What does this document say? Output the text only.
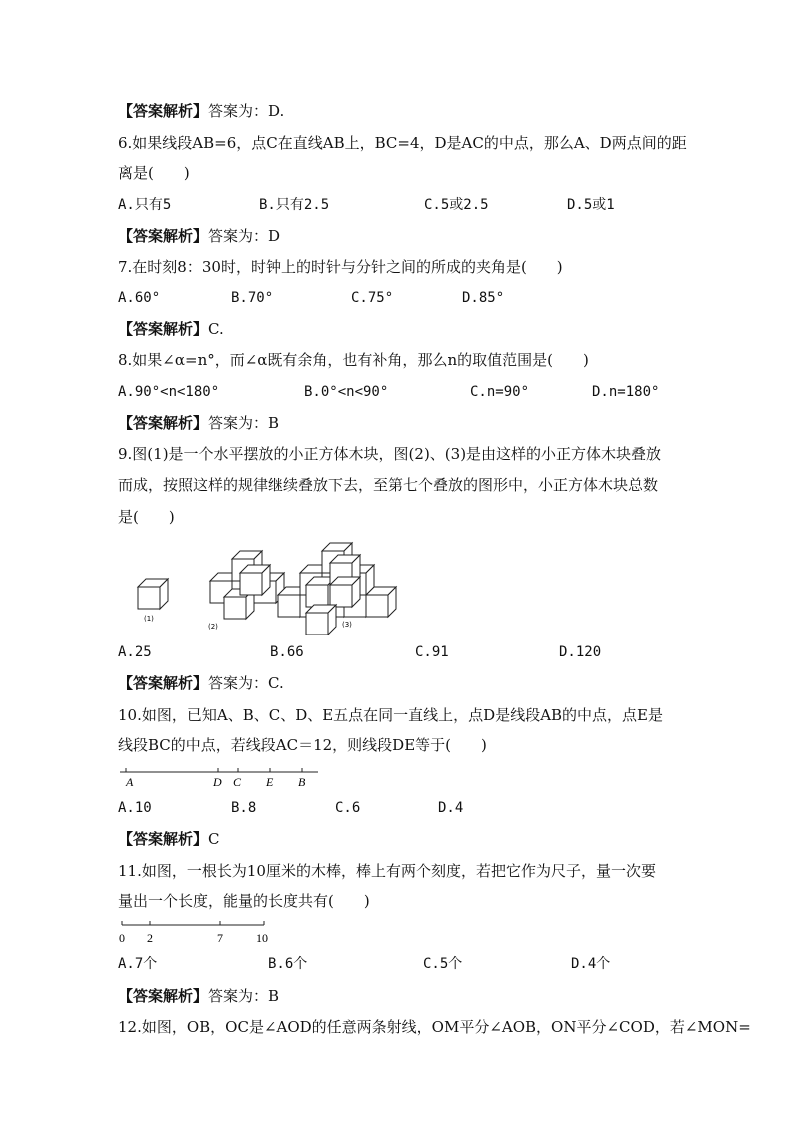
【答案解析】答案为：D.
6.如果线段AB=6，点C在直线AB上，BC=4，D是AC的中点，那么A、D两点间的距
离是(　　)
A.只有5	B.只有2.5	C.5或2.5	D.5或1
【答案解析】答案为：D
7.在时刻8：30时，时钟上的时针与分针之间的所成的夹角是(　　)
A.60°	B.70°	C.75°	D.85°
【答案解析】C.
8.如果∠α=n°，而∠α既有余角，也有补角，那么n的取值范围是(　　)
A.90°<n<180°	B.0°<n<90°	C.n=90°	D.n=180°
【答案解析】答案为：B
9.图(1)是一个水平摆放的小正方体木块，图(2)、(3)是由这样的小正方体木块叠放
而成，按照这样的规律继续叠放下去，至第七个叠放的图形中，小正方体木块总数
是(　　)
(1)
(2)	(3)
A.25	B.66	C.91	D.120
【答案解析】答案为：C.
10.如图，已知A、B、C、D、E五点在同一直线上，点D是线段AB的中点，点E是
线段BC的中点，若线段AC＝12，则线段DE等于(　　)
A	D C E B
A.10	B.8	C.6	D.4
【答案解析】C
11.如图，一根长为10厘米的木棒，棒上有两个刻度，若把它作为尺子，量一次要
量出一个长度，能量的长度共有(　　)
0 2	7	10
A.7个	B.6个	C.5个	D.4个
【答案解析】答案为：B
12.如图，OB，OC是∠AOD的任意两条射线，OM平分∠AOB，ON平分∠COD，若∠MON=
